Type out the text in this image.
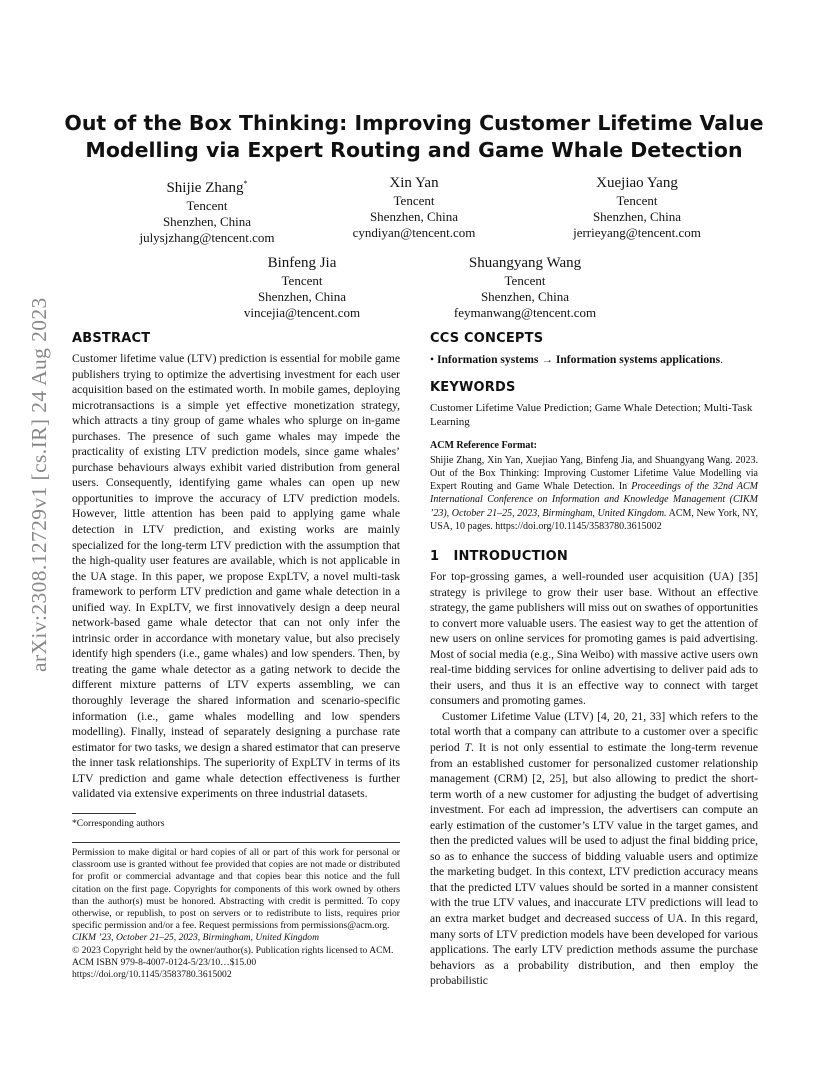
arXiv:2308.12729v1 [cs.IR] 24 Aug 2023
Out of the Box Thinking: Improving Customer Lifetime Value
Modelling via Expert Routing and Game Whale Detection
Shijie Zhang*
Tencent
Shenzhen, China
julysjzhang@tencent.com
Xin Yan
Tencent
Shenzhen, China
cyndiyan@tencent.com
Xuejiao Yang
Tencent
Shenzhen, China
jerrieyang@tencent.com
Binfeng Jia
Tencent
Shenzhen, China
vincejia@tencent.com
Shuangyang Wang
Tencent
Shenzhen, China
feymanwang@tencent.com
ABSTRACT

Customer lifetime value (LTV) prediction is essential for mobile game publishers trying to optimize the advertising investment for each user acquisition based on the estimated worth. In mobile games, deploying microtransactions is a simple yet effective monetization strategy, which attracts a tiny group of game whales who splurge on in-game purchases. The presence of such game whales may impede the practicality of existing LTV prediction models, since game whales’ purchase behaviours always exhibit varied distribution from general users. Consequently, identifying game whales can open up new opportunities to improve the accuracy of LTV prediction models. However, little attention has been paid to applying game whale detection in LTV prediction, and existing works are mainly specialized for the long-term LTV prediction with the assumption that the high-quality user features are available, which is not applicable in the UA stage. In this paper, we propose ExpLTV, a novel multi-task framework to perform LTV prediction and game whale detection in a unified way. In ExpLTV, we first innovatively design a deep neural network-based game whale detector that can not only infer the intrinsic order in accordance with monetary value, but also precisely identify high spenders (i.e., game whales) and low spenders. Then, by treating the game whale detector as a gating network to decide the different mixture patterns of LTV experts assembling, we can thoroughly leverage the shared information and scenario-specific information (i.e., game whales modelling and low spenders modelling). Finally, instead of separately designing a purchase rate estimator for two tasks, we design a shared estimator that can preserve the inner task relationships. The superiority of ExpLTV in terms of its LTV prediction and game whale detection effectiveness is further validated via extensive experiments on three industrial datasets.

*Corresponding authors

Permission to make digital or hard copies of all or part of this work for personal or classroom use is granted without fee provided that copies are not made or distributed for profit or commercial advantage and that copies bear this notice and the full citation on the first page. Copyrights for components of this work owned by others than the author(s) must be honored. Abstracting with credit is permitted. To copy otherwise, or republish, to post on servers or to redistribute to lists, requires prior specific permission and/or a fee. Request permissions from permissions@acm.org.

CIKM ’23, October 21–25, 2023, Birmingham, United Kingdom

© 2023 Copyright held by the owner/author(s). Publication rights licensed to ACM.

ACM ISBN 979-8-4007-0124-5/23/10…$15.00

https://doi.org/10.1145/3583780.3615002

CCS CONCEPTS

• Information systems → Information systems applications.

KEYWORDS

Customer Lifetime Value Prediction; Game Whale Detection; Multi-Task Learning

ACM Reference Format:

Shijie Zhang, Xin Yan, Xuejiao Yang, Binfeng Jia, and Shuangyang Wang. 2023. Out of the Box Thinking: Improving Customer Lifetime Value Modelling via Expert Routing and Game Whale Detection. In Proceedings of the 32nd ACM International Conference on Information and Knowledge Management (CIKM ’23), October 21–25, 2023, Birmingham, United Kingdom. ACM, New York, NY, USA, 10 pages. https://doi.org/10.1145/3583780.3615002

1 INTRODUCTION

For top-grossing games, a well-rounded user acquisition (UA) [35] strategy is privilege to grow their user base. Without an effective strategy, the game publishers will miss out on swathes of opportunities to convert more valuable users. The easiest way to get the attention of new users on online services for promoting games is paid advertising. Most of social media (e.g., Sina Weibo) with massive active users own real-time bidding services for online advertising to deliver paid ads to their users, and thus it is an effective way to connect with target consumers and promoting games.

Customer Lifetime Value (LTV) [4, 20, 21, 33] which refers to the total worth that a company can attribute to a customer over a specific period T. It is not only essential to estimate the long-term revenue from an established customer for personalized customer relationship management (CRM) [2, 25], but also allowing to predict the short-term worth of a new customer for adjusting the budget of advertising investment. For each ad impression, the advertisers can compute an early estimation of the customer’s LTV value in the target games, and then the predicted values will be used to adjust the final bidding price, so as to enhance the success of bidding valuable users and optimize the marketing budget. In this context, LTV prediction accuracy means that the predicted LTV values should be sorted in a manner consistent with the true LTV values, and inaccurate LTV predictions will lead to an extra market budget and decreased success of UA. In this regard, many sorts of LTV prediction models have been developed for various applications. The early LTV prediction methods assume the purchase behaviors as a probability distribution, and then employ the probabilistic
